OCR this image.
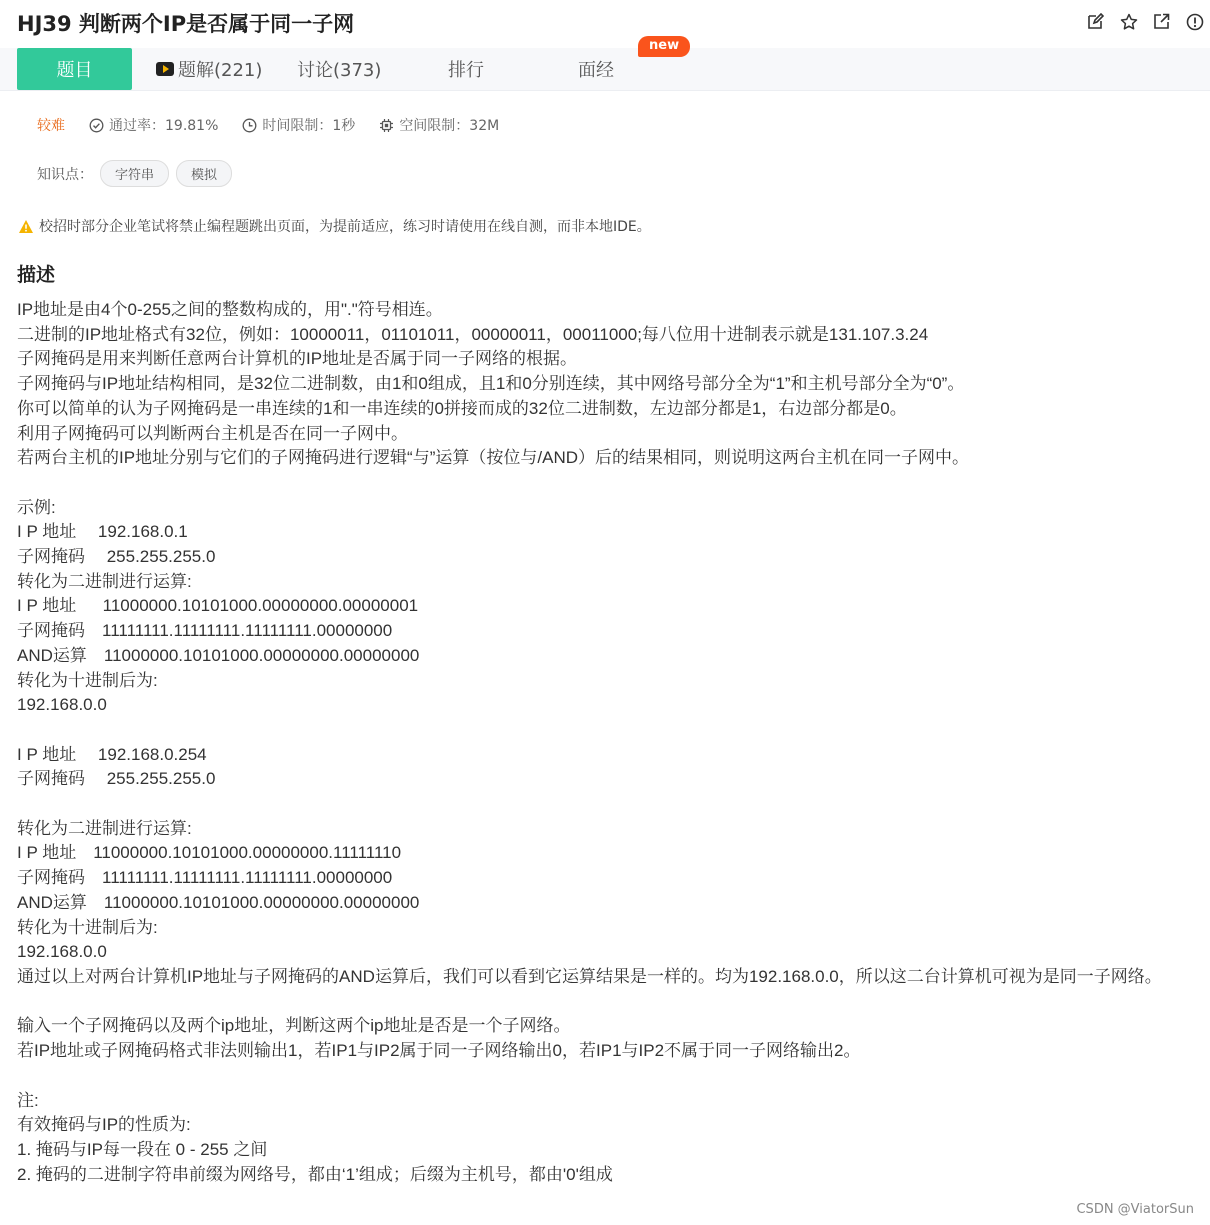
HJ39 判断两个IP是否属于同一子网
题目	题解(221) 讨论(373)	排行	面经
new
较难	通过率：19.81%	时间限制：1秒	空间限制：32M
知识点：	字符串	模拟
校招时部分企业笔试将禁止编程题跳出页面，为提前适应，练习时请使用在线自测，而非本地IDE。
描述
IP地址是由4个0-255之间的整数构成的，用"."符号相连。
二进制的IP地址格式有32位，例如：10000011，01101011，00000011，00011000;每八位用十进制表示就是131.107.3.24
子网掩码是用来判断任意两台计算机的IP地址是否属于同一子网络的根据。
子网掩码与IP地址结构相同，是32位二进制数，由1和0组成，且1和0分别连续，其中网络号部分全为“1”和主机号部分全为“0”。
你可以简单的认为子网掩码是一串连续的1和一串连续的0拼接而成的32位二进制数，左边部分都是1，右边部分都是0。
利用子网掩码可以判断两台主机是否在同一子网中。
若两台主机的IP地址分别与它们的子网掩码进行逻辑“与”运算（按位与/AND）后的结果相同，则说明这两台主机在同一子网中。

示例:
I P 地址　 192.168.0.1
子网掩码　 255.255.255.0
转化为二进制进行运算:
I P 地址　  11000000.10101000.00000000.00000001
子网掩码　11111111.11111111.11111111.00000000
AND运算　11000000.10101000.00000000.00000000
转化为十进制后为:
192.168.0.0

I P 地址　 192.168.0.254
子网掩码　 255.255.255.0

转化为二进制进行运算:
I P 地址　11000000.10101000.00000000.11111110
子网掩码　11111111.11111111.11111111.00000000
AND运算　11000000.10101000.00000000.00000000
转化为十进制后为:
192.168.0.0
通过以上对两台计算机IP地址与子网掩码的AND运算后，我们可以看到它运算结果是一样的。均为192.168.0.0，所以这二台计算机可视为是同一子网络。

输入一个子网掩码以及两个ip地址，判断这两个ip地址是否是一个子网络。
若IP地址或子网掩码格式非法则输出1，若IP1与IP2属于同一子网络输出0，若IP1与IP2不属于同一子网络输出2。

注:
有效掩码与IP的性质为:
1. 掩码与IP每一段在 0 - 255 之间
2. 掩码的二进制字符串前缀为网络号，都由‘1’组成；后缀为主机号，都由'0'组成
CSDN @ViatorSun
